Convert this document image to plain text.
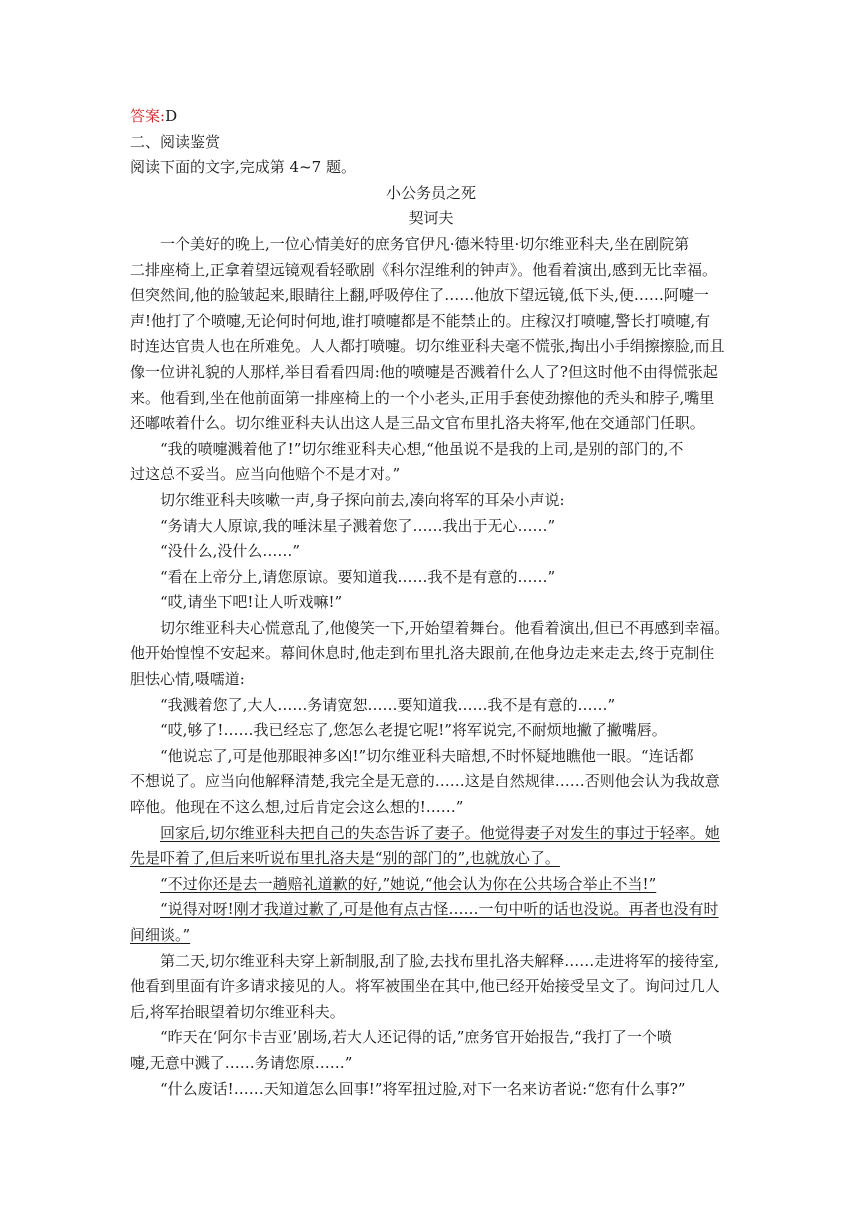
答案:D
二、阅读鉴赏
阅读下面的文字,完成第 4~7 题。
小公务员之死
契诃夫
一个美好的晚上,一位心情美好的庶务官伊凡·德米特里·切尔维亚科夫,坐在剧院第
二排座椅上,正拿着望远镜观看轻歌剧《科尔涅维利的钟声》。他看着演出,感到无比幸福。
但突然间,他的脸皱起来,眼睛往上翻,呼吸停住了……他放下望远镜,低下头,便……阿嚏一
声!他打了个喷嚏,无论何时何地,谁打喷嚏都是不能禁止的。庄稼汉打喷嚏,警长打喷嚏,有
时连达官贵人也在所难免。人人都打喷嚏。切尔维亚科夫毫不慌张,掏出小手绢擦擦脸,而且
像一位讲礼貌的人那样,举目看看四周:他的喷嚏是否溅着什么人了?但这时他不由得慌张起
来。他看到,坐在他前面第一排座椅上的一个小老头,正用手套使劲擦他的秃头和脖子,嘴里
还嘟哝着什么。切尔维亚科夫认出这人是三品文官布里扎洛夫将军,他在交通部门任职。
“我的喷嚏溅着他了!”切尔维亚科夫心想,“他虽说不是我的上司,是别的部门的,不
过这总不妥当。应当向他赔个不是才对。”
切尔维亚科夫咳嗽一声,身子探向前去,凑向将军的耳朵小声说:
“务请大人原谅,我的唾沫星子溅着您了……我出于无心……”
“没什么,没什么……”
“看在上帝分上,请您原谅。要知道我……我不是有意的……”
“哎,请坐下吧!让人听戏嘛!”
切尔维亚科夫心慌意乱了,他傻笑一下,开始望着舞台。他看着演出,但已不再感到幸福。
他开始惶惶不安起来。幕间休息时,他走到布里扎洛夫跟前,在他身边走来走去,终于克制住
胆怯心情,嗫嚅道:
“我溅着您了,大人……务请宽恕……要知道我……我不是有意的……”
“哎,够了!……我已经忘了,您怎么老提它呢!”将军说完,不耐烦地撇了撇嘴唇。
“他说忘了,可是他那眼神多凶!”切尔维亚科夫暗想,不时怀疑地瞧他一眼。“连话都
不想说了。应当向他解释清楚,我完全是无意的……这是自然规律……否则他会认为我故意
啐他。他现在不这么想,过后肯定会这么想的!……”
回家后,切尔维亚科夫把自己的失态告诉了妻子。他觉得妻子对发生的事过于轻率。她
先是吓着了,但后来听说布里扎洛夫是“别的部门的”,也就放心了。
“不过你还是去一趟赔礼道歉的好,”她说,“他会认为你在公共场合举止不当!”
“说得对呀!刚才我道过歉了,可是他有点古怪……一句中听的话也没说。再者也没有时
间细谈。”
第二天,切尔维亚科夫穿上新制服,刮了脸,去找布里扎洛夫解释……走进将军的接待室,
他看到里面有许多请求接见的人。将军被围坐在其中,他已经开始接受呈文了。询问过几人
后,将军抬眼望着切尔维亚科夫。
“昨天在‘阿尔卡吉亚’剧场,若大人还记得的话,”庶务官开始报告,“我打了一个喷
嚏,无意中溅了……务请您原……”
“什么废话!……天知道怎么回事!”将军扭过脸,对下一名来访者说:“您有什么事?”
